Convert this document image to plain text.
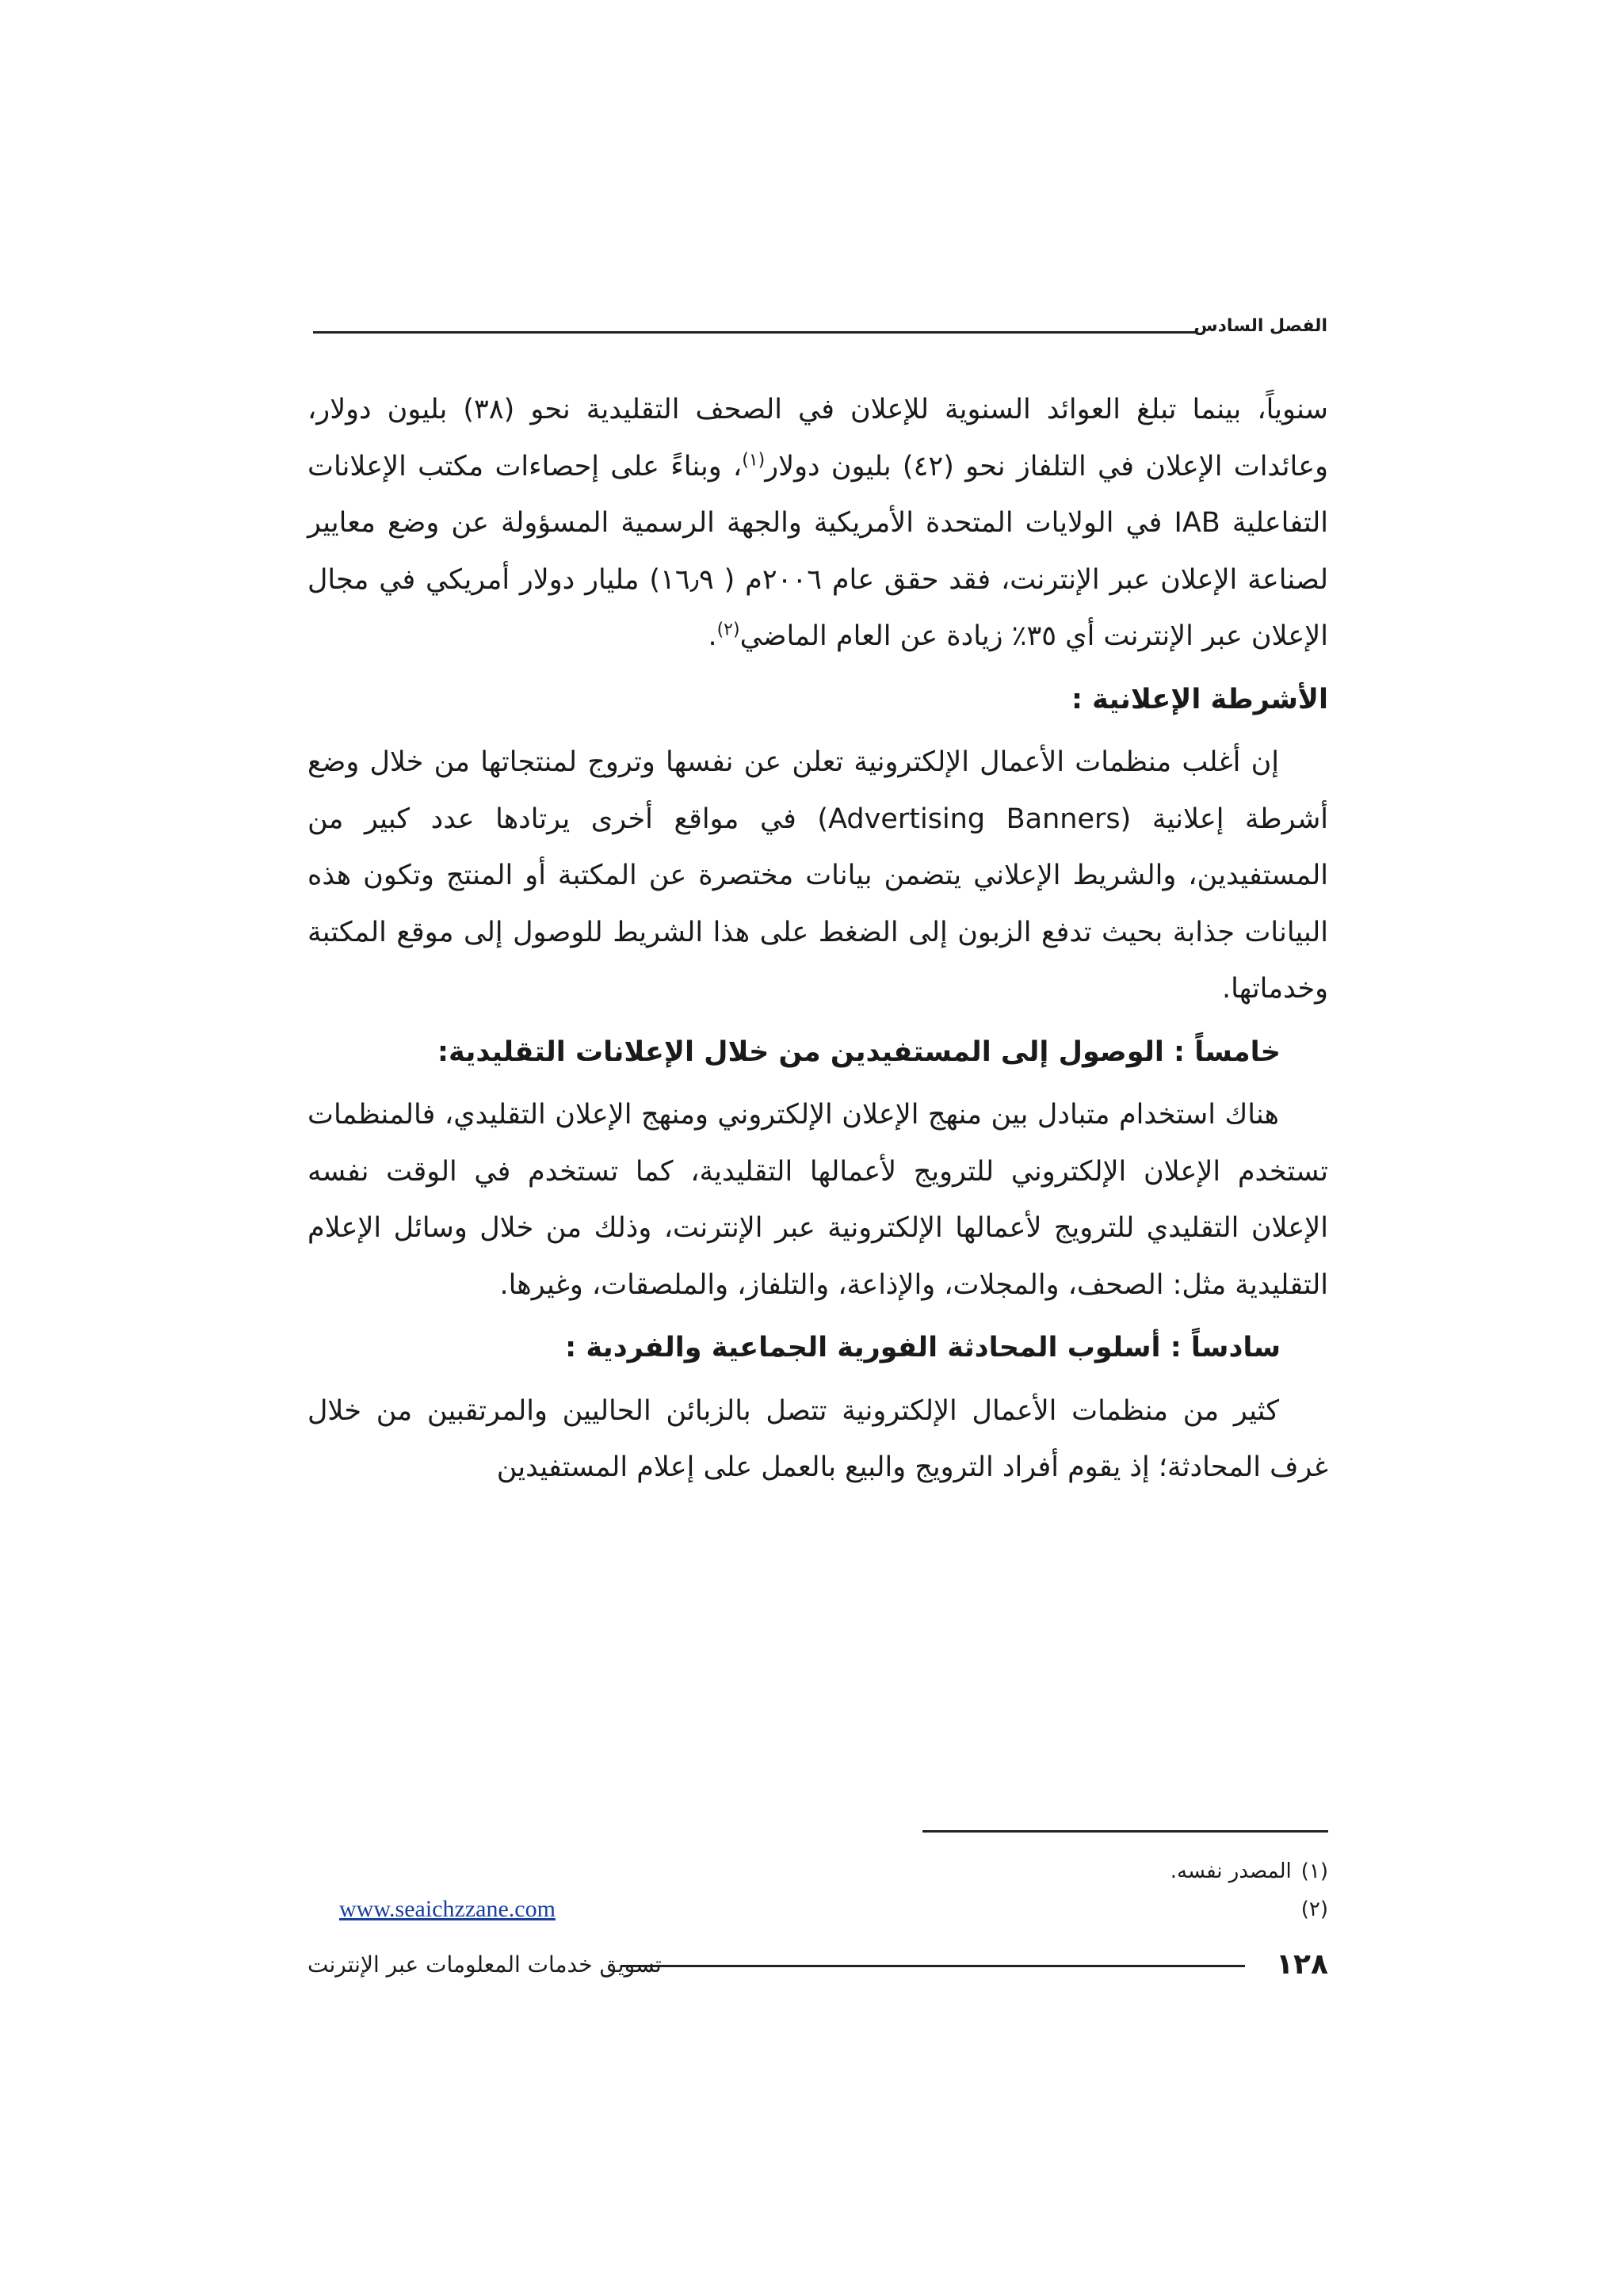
الفصل السادس

سنوياً، بينما تبلغ العوائد السنوية للإعلان في الصحف التقليدية نحو (٣٨) بليون دولار، وعائدات الإعلان في التلفاز نحو (٤٢) بليون دولار$^{(١)}$، وبناءً على إحصاءات مكتب الإعلانات التفاعلية IAB في الولايات المتحدة الأمريكية والجهة الرسمية المسؤولة عن وضع معايير لصناعة الإعلان عبر الإنترنت، فقد حقق عام ٢٠٠٦م ( ١٦٫٩) مليار دولار أمريكي في مجال الإعلان عبر الإنترنت أي ٣٥٪ زيادة عن العام الماضي$^{(٢)}$.

الأشرطة الإعلانية :

إن أغلب منظمات الأعمال الإلكترونية تعلن عن نفسها وتروج لمنتجاتها من خلال وضع أشرطة إعلانية (Advertising Banners) في مواقع أخرى يرتادها عدد كبير من المستفيدين، والشريط الإعلاني يتضمن بيانات مختصرة عن المكتبة أو المنتج وتكون هذه البيانات جذابة بحيث تدفع الزبون إلى الضغط على هذا الشريط للوصول إلى موقع المكتبة وخدماتها.

خامساً : الوصول إلى المستفيدين من خلال الإعلانات التقليدية:

هناك استخدام متبادل بين منهج الإعلان الإلكتروني ومنهج الإعلان التقليدي، فالمنظمات تستخدم الإعلان الإلكتروني للترويج لأعمالها التقليدية، كما تستخدم في الوقت نفسه الإعلان التقليدي للترويج لأعمالها الإلكترونية عبر الإنترنت، وذلك من خلال وسائل الإعلام التقليدية مثل: الصحف، والمجلات، والإذاعة، والتلفاز، والملصقات، وغيرها.

سادساً : أسلوب المحادثة الفورية الجماعية والفردية :

كثير من منظمات الأعمال الإلكترونية تتصل بالزبائن الحاليين والمرتقبين من خلال غرف المحادثة؛ إذ يقوم أفراد الترويج والبيع بالعمل على إعلام المستفيدين

(١)
المصدر نفسه.
(٢)
www.seaichzzane.com
١٢٨
تسويق خدمات المعلومات عبر الإنترنت
